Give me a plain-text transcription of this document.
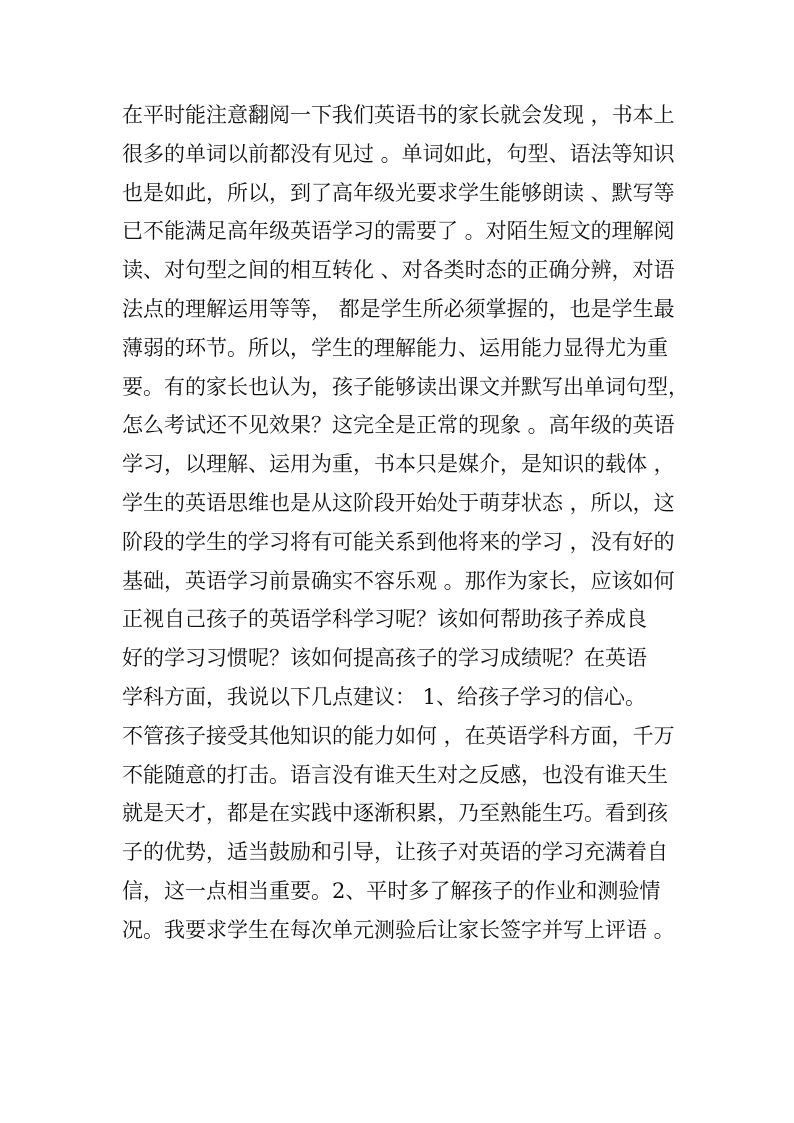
在平时能注意翻阅一下我们英语书的家长就会发现 ，书本上
很多的单词以前都没有见过 。单词如此，句型、语法等知识
也是如此，所以，到了高年级光要求学生能够朗读 、默写等
已不能满足高年级英语学习的需要了 。对陌生短文的理解阅
读、对句型之间的相互转化 、对各类时态的正确分辨，对语
法点的理解运用等等， 都是学生所必须掌握的，也是学生最
薄弱的环节。所以，学生的理解能力、运用能力显得尤为重
要。有的家长也认为，孩子能够读出课文并默写出单词句型，
怎么考试还不见效果？这完全是正常的现象 。高年级的英语
学习，以理解、运用为重，书本只是媒介，是知识的载体 ，
学生的英语思维也是从这阶段开始处于萌芽状态 ，所以，这
阶段的学生的学习将有可能关系到他将来的学习 ，没有好的
基础，英语学习前景确实不容乐观 。那作为家长，应该如何
正视自己孩子的英语学科学习呢？该如何帮助孩子养成良
好的学习习惯呢？该如何提高孩子的学习成绩呢？在英语
学科方面，我说以下几点建议： 1、给孩子学习的信心。
不管孩子接受其他知识的能力如何 ，在英语学科方面，千万
不能随意的打击。语言没有谁天生对之反感，也没有谁天生
就是天才，都是在实践中逐渐积累，乃至熟能生巧。看到孩
子的优势，适当鼓励和引导，让孩子对英语的学习充满着自
信，这一点相当重要。2、平时多了解孩子的作业和测验情
况。我要求学生在每次单元测验后让家长签字并写上评语 。
